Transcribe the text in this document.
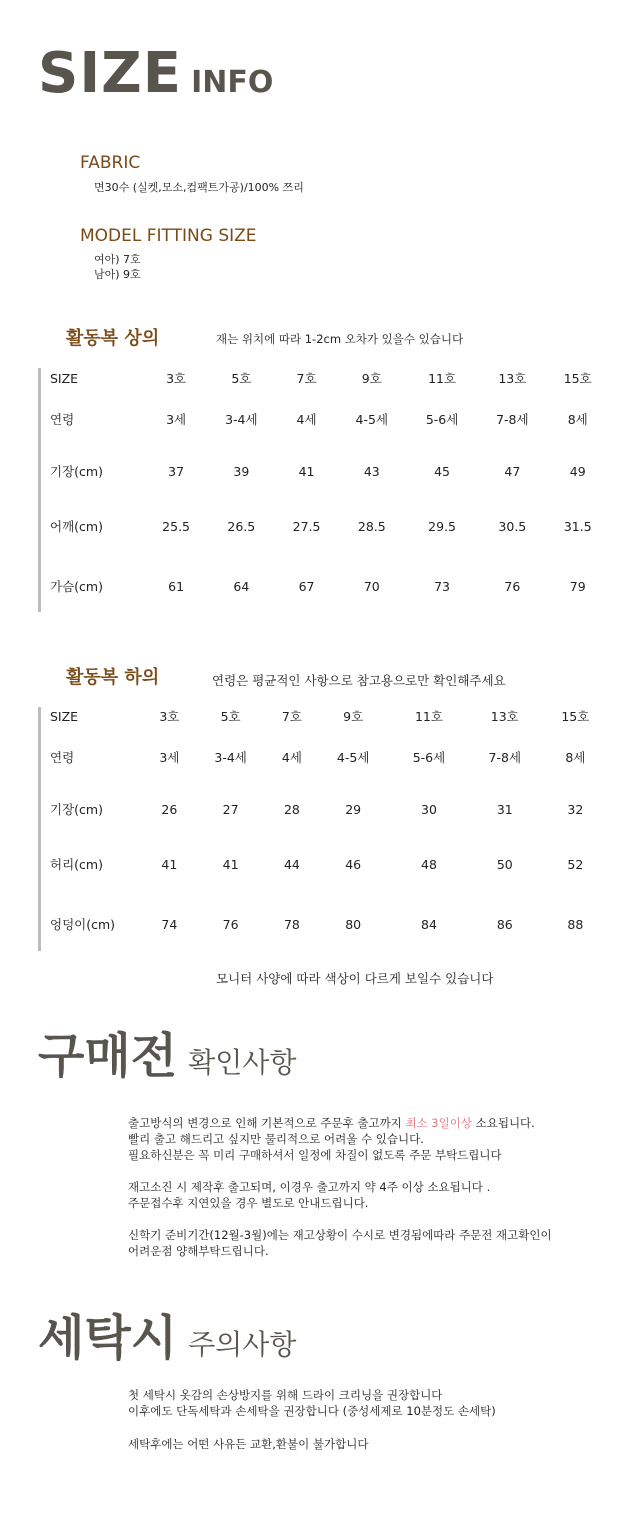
SIZE INFO
FABRIC
면30수 (실켓,모소,컴팩트가공)/100% 쯔리
MODEL FITTING SIZE
여아) 7호
남아) 9호
활동복 상의	재는 위치에 따라 1-2cm 오차가 있을수 있습니다
SIZE	3호	5호	7호	9호	11호	13호	15호
연령	3세	3-4세	4세	4-5세	5-6세	7-8세	8세
기장(cm)	37	39	41	43	45	47	49
어깨(cm)	25.5	26.5	27.5	28.5	29.5	30.5	31.5
가슴(cm)	61	64	67	70	73	76	79
활동복 하의	연령은 평균적인 사항으로 참고용으로만 확인해주세요
SIZE	3호	5호	7호	9호	11호	13호	15호
연령	3세	3-4세	4세	4-5세	5-6세	7-8세	8세
기장(cm)	26	27	28	29	30	31	32
허리(cm)	41	41	44	46	48	50	52
엉덩이(cm)	74	76	78	80	84	86	88
모니터 사양에 따라 색상이 다르게 보일수 있습니다
구매전 확인사항
출고방식의 변경으로 인해 기본적으로 주문후 출고까지 최소 3일이상 소요됩니다.
빨리 출고 해드리고 싶지만 물리적으로 어려울 수 있습니다.
필요하신분은 꼭 미리 구매하셔서 일정에 차질이 없도록 주문 부탁드립니다
재고소진 시 제작후 출고되며, 이경우 출고까지 약 4주 이상 소요됩니다 .
주문접수후 지연있을 경우 별도로 안내드립니다.
신학기 준비기간(12월-3월)에는 재고상황이 수시로 변경됨에따라 주문전 재고확인이
어려운점 양해부탁드립니다.
세탁시 주의사항
첫 세탁시 옷감의 손상방지를 위해 드라이 크리닝을 권장합니다
이후에도 단독세탁과 손세탁을 권장합니다 (중성세제로 10분정도 손세탁)
세탁후에는 어떤 사유든 교환,환불이 불가합니다
